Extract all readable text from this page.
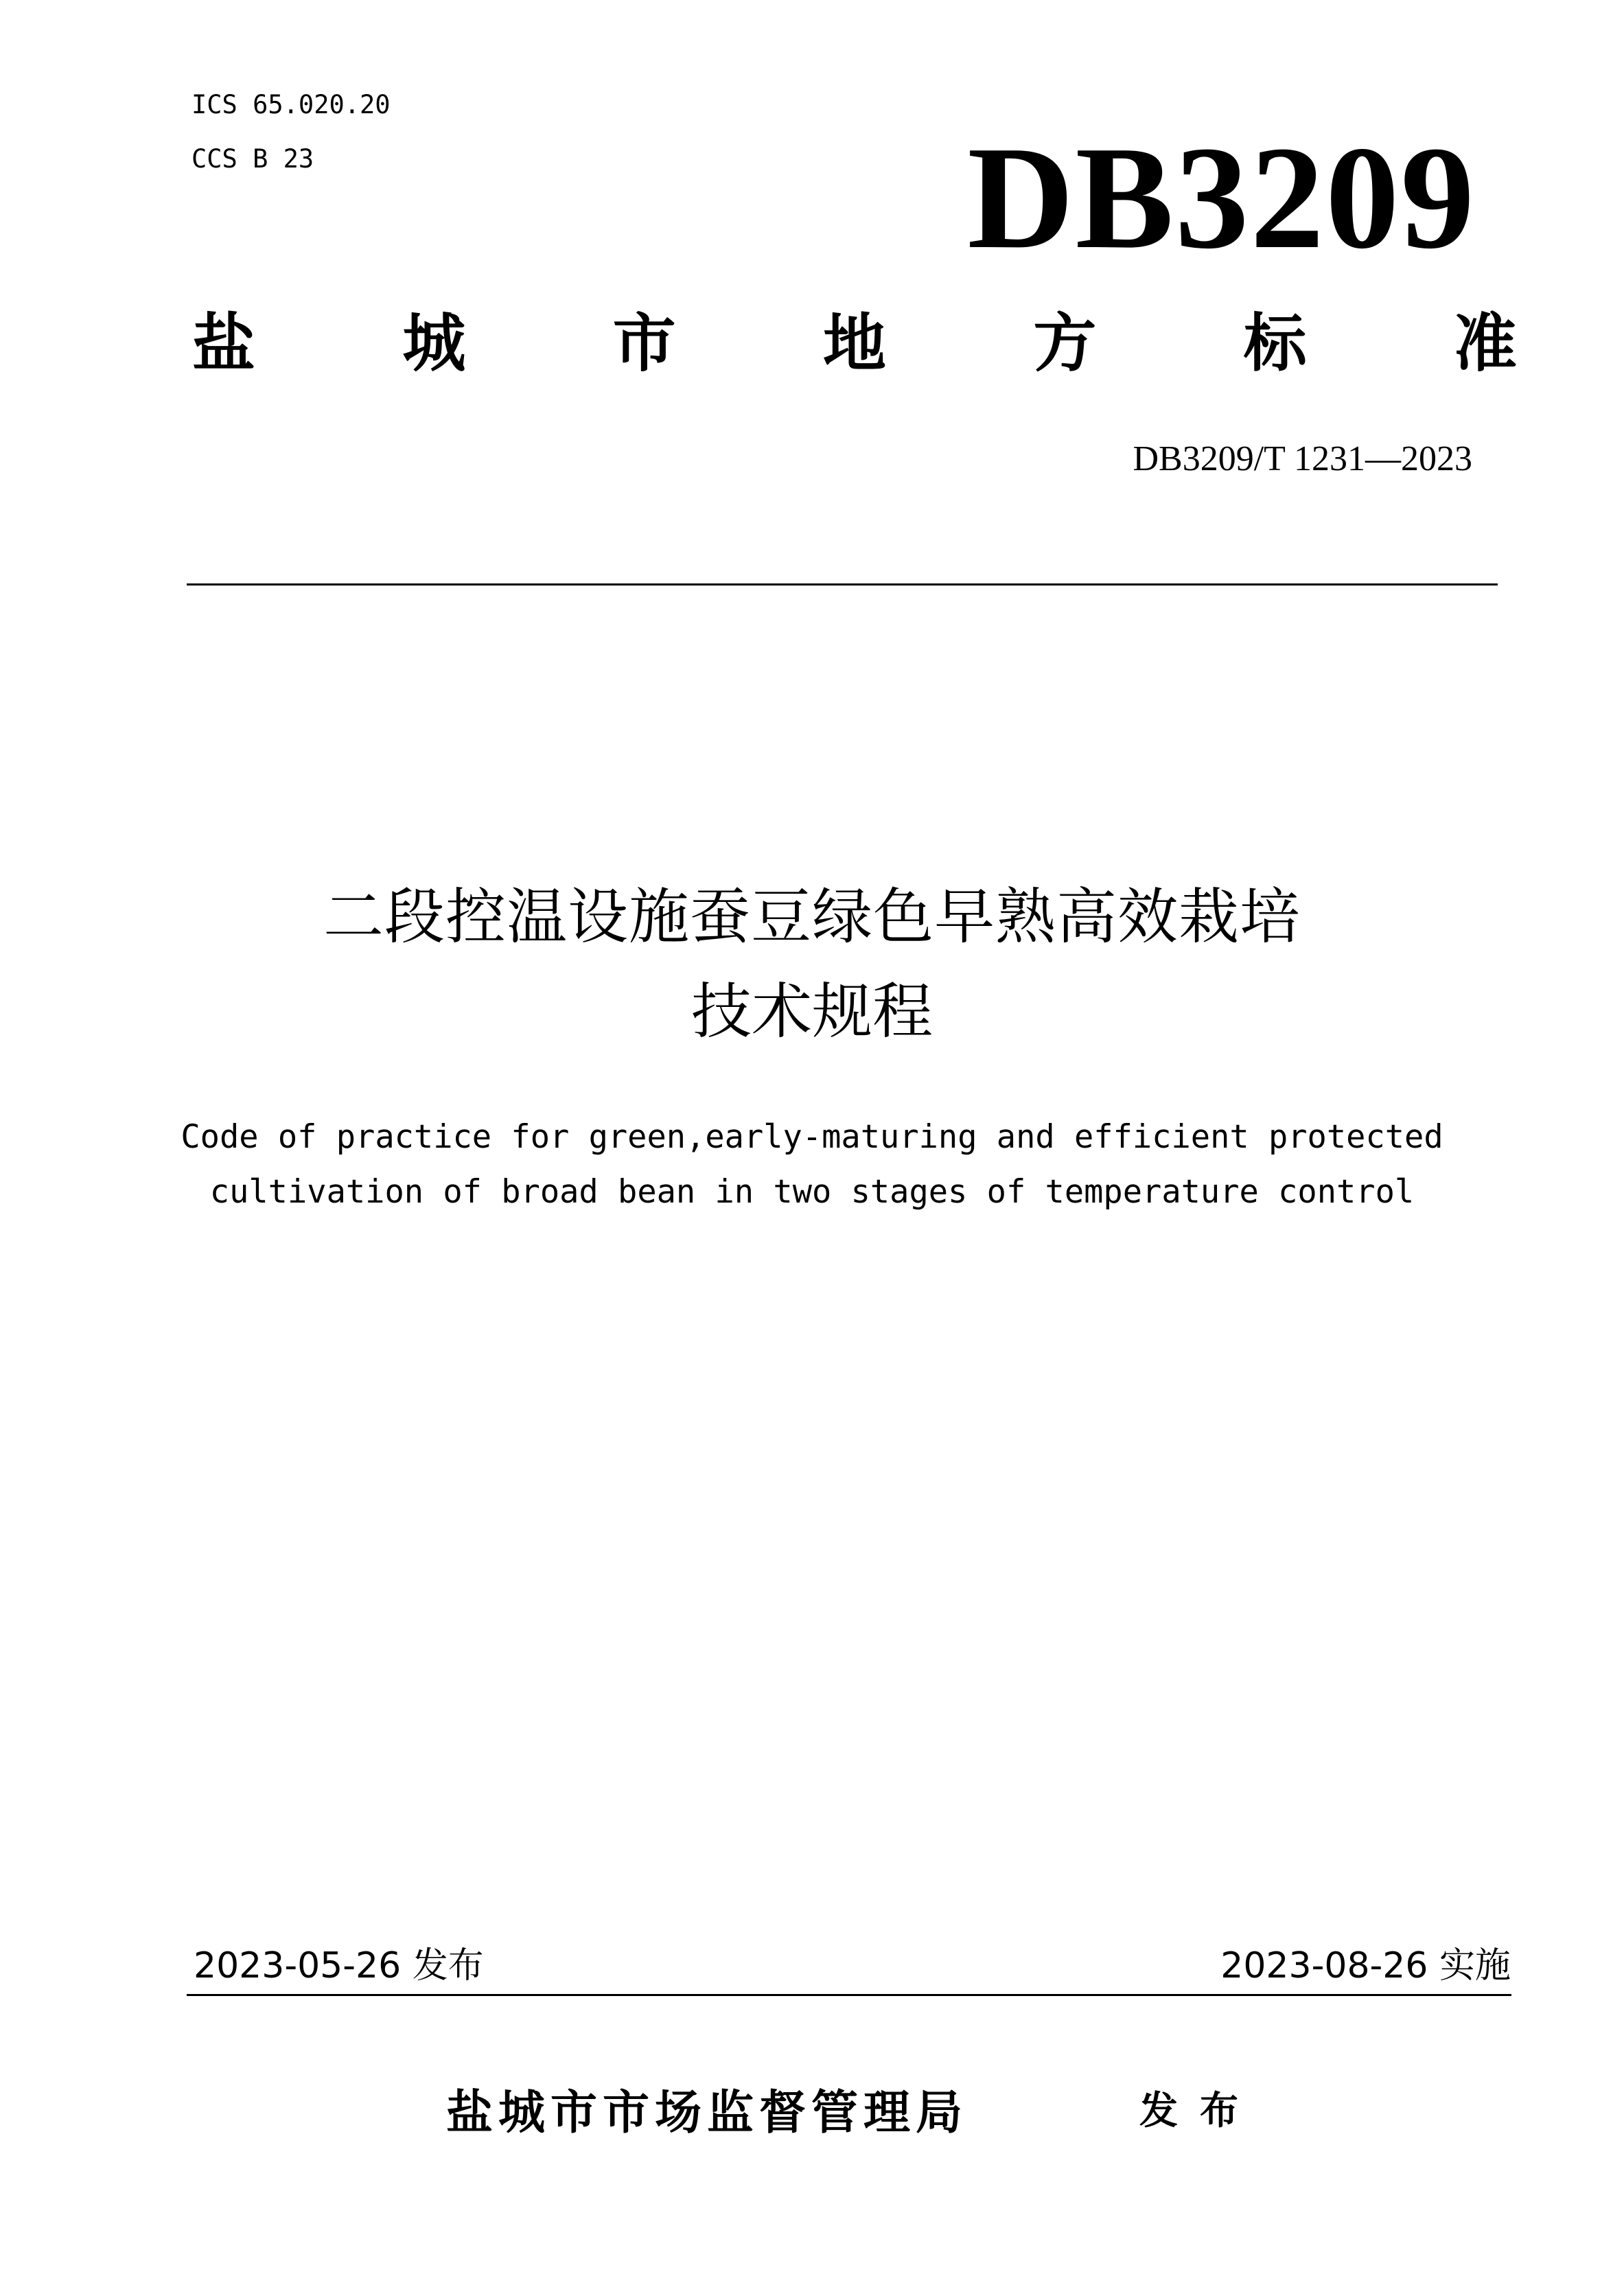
ICS 65.020.20
CCS B 23	DB3209
盐 城 市 地 方 标 准
DB3209/T 1231—2023
二段控温设施蚕豆绿色早熟高效栽培
技术规程
Code of practice for green,early-maturing and efficient protected
cultivation of broad bean in two stages of temperature control
2023-05-26 发布	2023-08-26 实施
盐城市市场监督管理局	发布
